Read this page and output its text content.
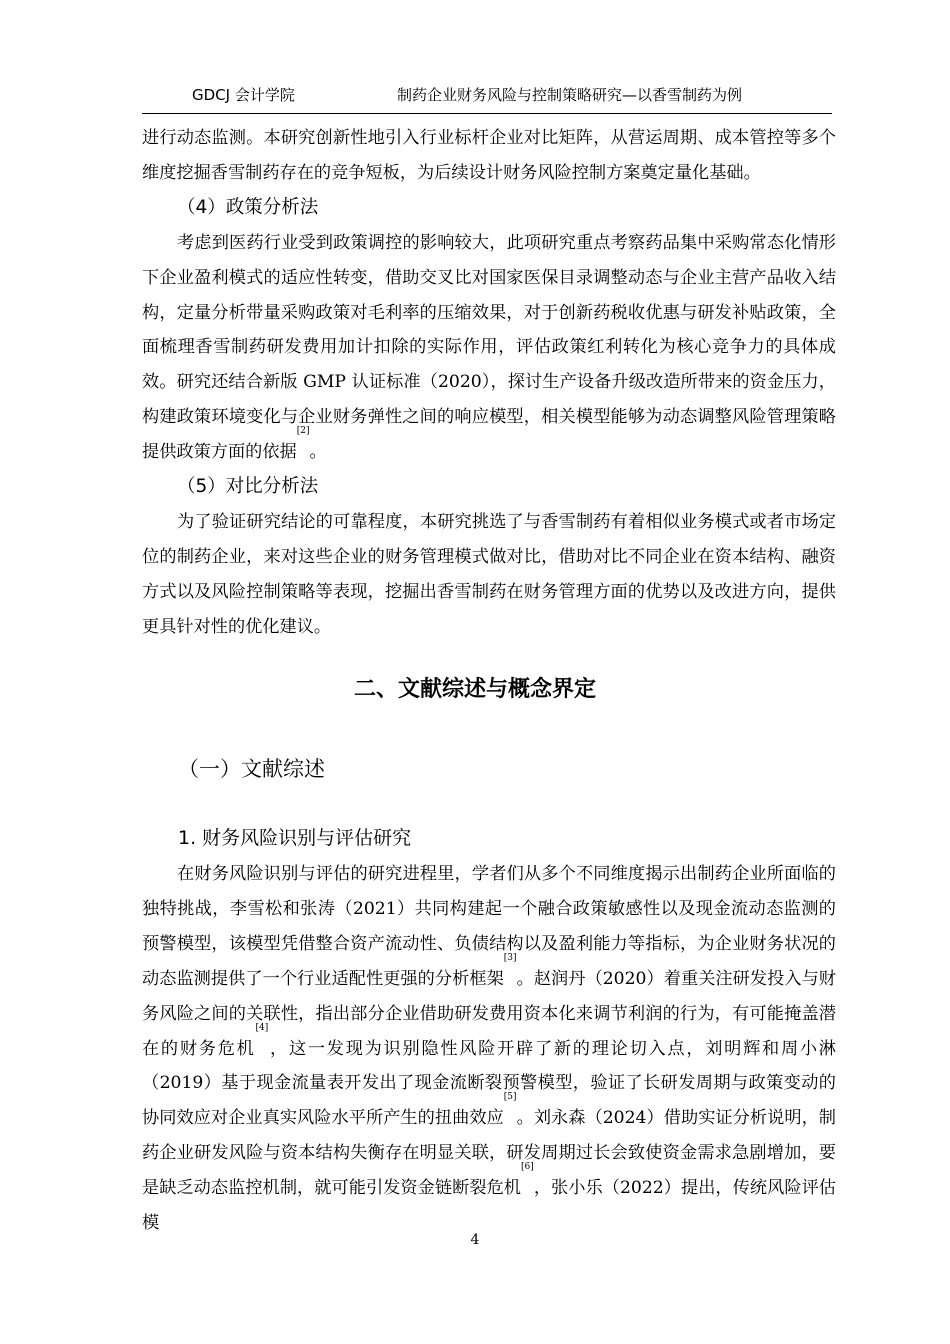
GDCJ 会计学院	制药企业财务风险与控制策略研究—以香雪制药为例

进行动态监测。本研究创新性地引入行业标杆企业对比矩阵，从营运周期、成本管控等多个维度挖掘香雪制药存在的竞争短板，为后续设计财务风险控制方案奠定量化基础。

（4）政策分析法

考虑到医药行业受到政策调控的影响较大，此项研究重点考察药品集中采购常态化情形下企业盈利模式的适应性转变，借助交叉比对国家医保目录调整动态与企业主营产品收入结构，定量分析带量采购政策对毛利率的压缩效果，对于创新药税收优惠与研发补贴政策，全面梳理香雪制药研发费用加计扣除的实际作用，评估政策红利转化为核心竞争力的具体成效。研究还结合新版 GMP 认证标准（2020），探讨生产设备升级改造所带来的资金压力，构建政策环境变化与企业财务弹性之间的响应模型，相关模型能够为动态调整风险管理策略提供政策方面的依据[2]。

（5）对比分析法

为了验证研究结论的可靠程度，本研究挑选了与香雪制药有着相似业务模式或者市场定位的制药企业，来对这些企业的财务管理模式做对比，借助对比不同企业在资本结构、融资方式以及风险控制策略等表现，挖掘出香雪制药在财务管理方面的优势以及改进方向，提供更具针对性的优化建议。

二、文献综述与概念界定
（一）文献综述
1. 财务风险识别与评估研究

在财务风险识别与评估的研究进程里，学者们从多个不同维度揭示出制药企业所面临的独特挑战，李雪松和张涛（2021）共同构建起一个融合政策敏感性以及现金流动态监测的预警模型，该模型凭借整合资产流动性、负债结构以及盈利能力等指标，为企业财务状况的动态监测提供了一个行业适配性更强的分析框架[3]。赵润丹（2020）着重关注研发投入与财务风险之间的关联性，指出部分企业借助研发费用资本化来调节利润的行为，有可能掩盖潜在的财务危机[4]，这一发现为识别隐性风险开辟了新的理论切入点，刘明辉和周小淋（2019）基于现金流量表开发出了现金流断裂预警模型，验证了长研发周期与政策变动的协同效应对企业真实风险水平所产生的扭曲效应[5]。刘永森（2024）借助实证分析说明，制药企业研发风险与资本结构失衡存在明显关联，研发周期过长会致使资金需求急剧增加，要是缺乏动态监控机制，就可能引发资金链断裂危机[6]，张小乐（2022）提出，传统风险评估模

4
